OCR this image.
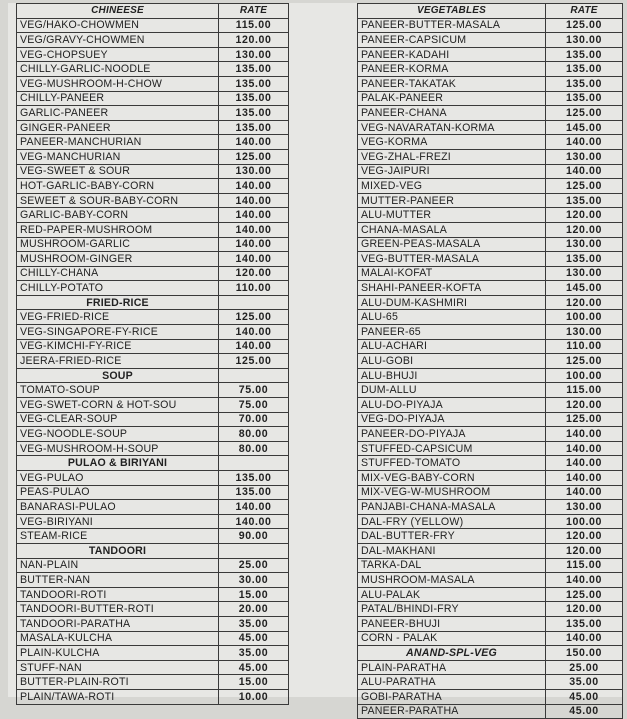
CHINEESE	RATE
VEG/HAKO-CHOWMEN	115.00
VEG/GRAVY-CHOWMEN	120.00
VEG-CHOPSUEY	130.00
CHILLY-GARLIC-NOODLE	135.00
VEG-MUSHROOM-H-CHOW	135.00
CHILLY-PANEER	135.00
GARLIC-PANEER	135.00
GINGER-PANEER	135.00
PANEER-MANCHURIAN	140.00
VEG-MANCHURIAN	125.00
VEG-SWEET & SOUR	130.00
HOT-GARLIC-BABY-CORN	140.00
SEWEET & SOUR-BABY-CORN	140.00
GARLIC-BABY-CORN	140.00
RED-PAPER-MUSHROOM	140.00
MUSHROOM-GARLIC	140.00
MUSHROOM-GINGER	140.00
CHILLY-CHANA	120.00
CHILLY-POTATO	110.00
FRIED-RICE	
VEG-FRIED-RICE	125.00
VEG-SINGAPORE-FY-RICE	140.00
VEG-KIMCHI-FY-RICE	140.00
JEERA-FRIED-RICE	125.00
SOUP	
TOMATO-SOUP	75.00
VEG-SWET-CORN & HOT-SOU	75.00
VEG-CLEAR-SOUP	70.00
VEG-NOODLE-SOUP	80.00
VEG-MUSHROOM-H-SOUP	80.00
PULAO & BIRIYANI	
VEG-PULAO	135.00
PEAS-PULAO	135.00
BANARASI-PULAO	140.00
VEG-BIRIYANI	140.00
STEAM-RICE	90.00
TANDOORI	
NAN-PLAIN	25.00
BUTTER-NAN	30.00
TANDOORI-ROTI	15.00
TANDOORI-BUTTER-ROTI	20.00
TANDOORI-PARATHA	35.00
MASALA-KULCHA	45.00
PLAIN-KULCHA	35.00
STUFF-NAN	45.00
BUTTER-PLAIN-ROTI	15.00
PLAIN/TAWA-ROTI	10.00
VEGETABLES	RATE
PANEER-BUTTER-MASALA	125.00
PANEER-CAPSICUM	130.00
PANEER-KADAHI	135.00
PANEER-KORMA	135.00
PANEER-TAKATAK	135.00
PALAK-PANEER	135.00
PANEER-CHANA	125.00
VEG-NAVARATAN-KORMA	145.00
VEG-KORMA	140.00
VEG-ZHAL-FREZI	130.00
VEG-JAIPURI	140.00
MIXED-VEG	125.00
MUTTER-PANEER	135.00
ALU-MUTTER	120.00
CHANA-MASALA	120.00
GREEN-PEAS-MASALA	130.00
VEG-BUTTER-MASALA	135.00
MALAI-KOFAT	130.00
SHAHI-PANEER-KOFTA	145.00
ALU-DUM-KASHMIRI	120.00
ALU-65	100.00
PANEER-65	130.00
ALU-ACHARI	110.00
ALU-GOBI	125.00
ALU-BHUJI	100.00
DUM-ALLU	115.00
ALU-DO-PIYAJA	120.00
VEG-DO-PIYAJA	125.00
PANEER-DO-PIYAJA	140.00
STUFFED-CAPSICUM	140.00
STUFFED-TOMATO	140.00
MIX-VEG-BABY-CORN	140.00
MIX-VEG-W-MUSHROOM	140.00
PANJABI-CHANA-MASALA	130.00
DAL-FRY (YELLOW)	100.00
DAL-BUTTER-FRY	120.00
DAL-MAKHANI	120.00
TARKA-DAL	115.00
MUSHROOM-MASALA	140.00
ALU-PALAK	125.00
PATAL/BHINDI-FRY	120.00
PANEER-BHUJI	135.00
CORN - PALAK	140.00
ANAND-SPL-VEG	150.00
PLAIN-PARATHA	25.00
ALU-PARATHA	35.00
GOBI-PARATHA	45.00
PANEER-PARATHA	45.00
